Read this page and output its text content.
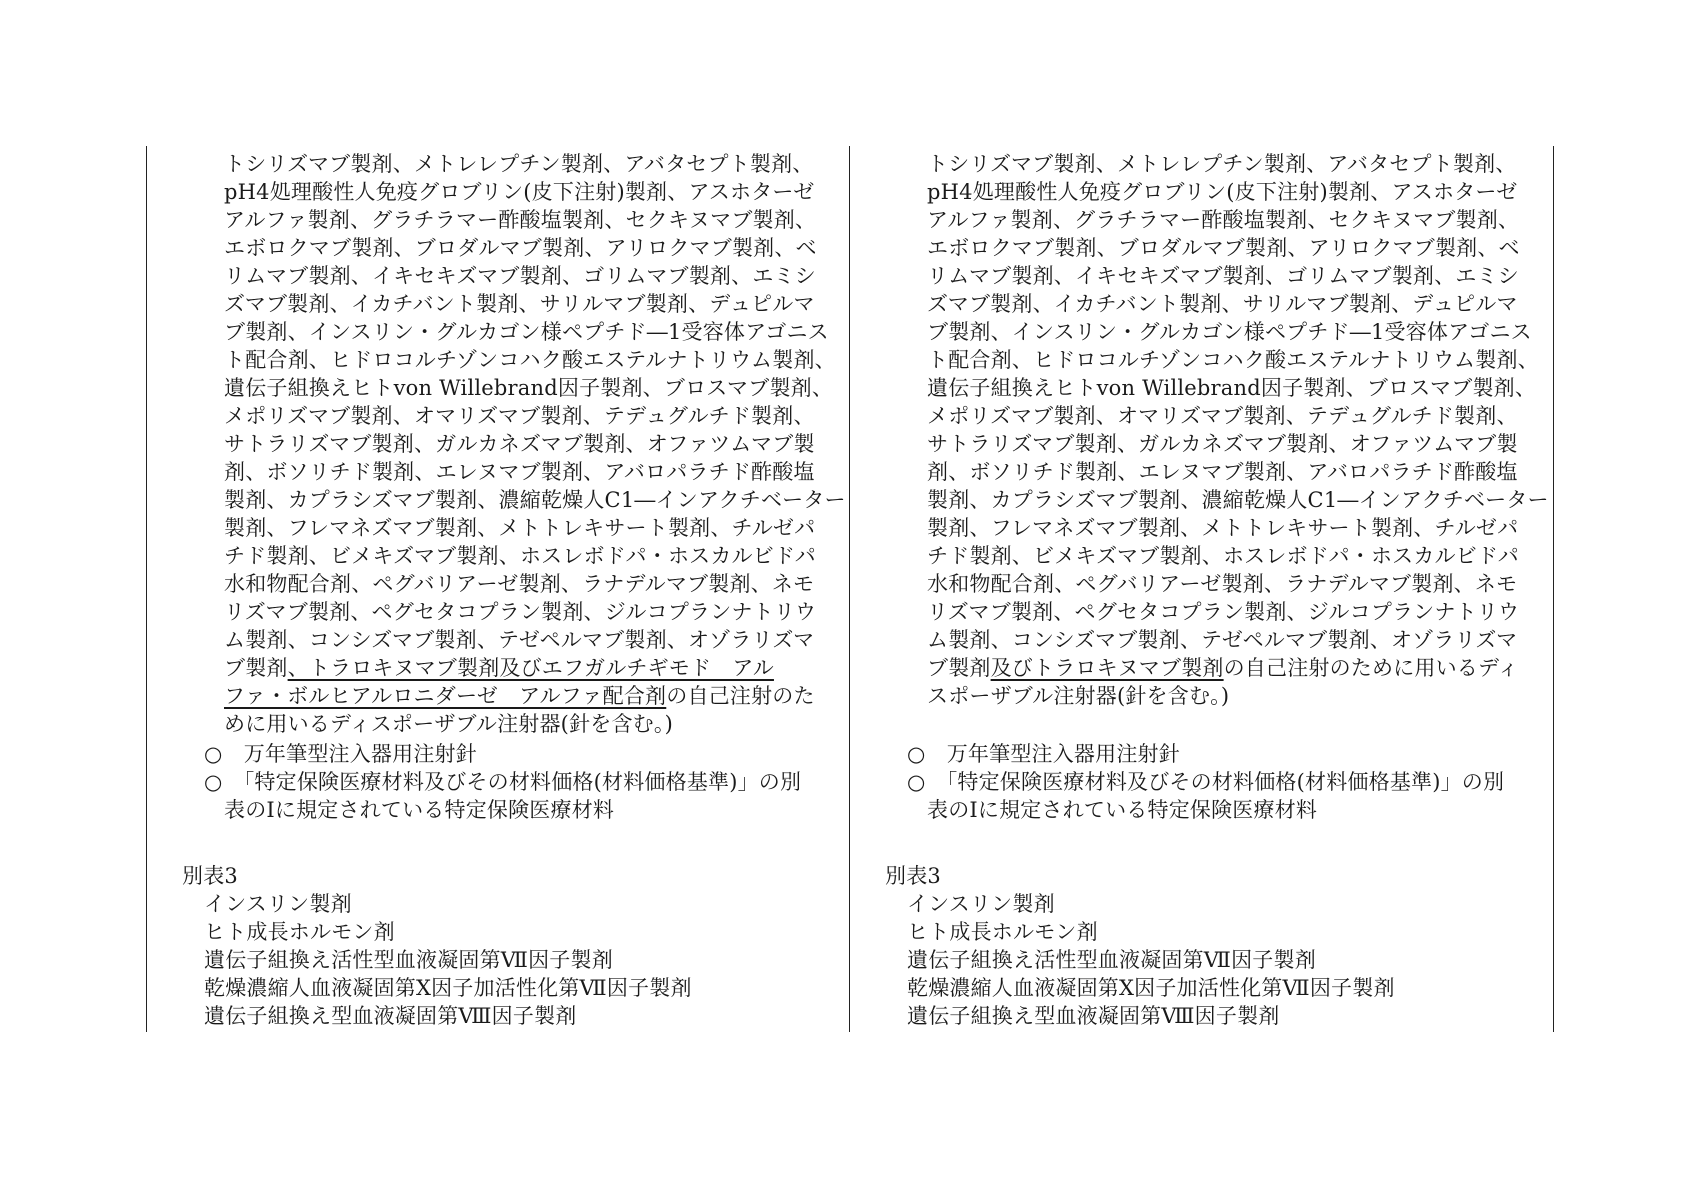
トシリズマブ製剤、メトレレプチン製剤、アバタセプト製剤、
pH4処理酸性人免疫グロブリン(皮下注射)製剤、アスホターゼ
アルファ製剤、グラチラマー酢酸塩製剤、セクキヌマブ製剤、
エボロクマブ製剤、ブロダルマブ製剤、アリロクマブ製剤、ベ
リムマブ製剤、イキセキズマブ製剤、ゴリムマブ製剤、エミシ
ズマブ製剤、イカチバント製剤、サリルマブ製剤、デュピルマ
ブ製剤、インスリン・グルカゴン様ペプチド―1受容体アゴニス
ト配合剤、ヒドロコルチゾンコハク酸エステルナトリウム製剤、
遺伝子組換えヒトvon Willebrand因子製剤、ブロスマブ製剤、
メポリズマブ製剤、オマリズマブ製剤、テデュグルチド製剤、
サトラリズマブ製剤、ガルカネズマブ製剤、オファツムマブ製
剤、ボソリチド製剤、エレヌマブ製剤、アバロパラチド酢酸塩
製剤、カプラシズマブ製剤、濃縮乾燥人C1―インアクチベーター
製剤、フレマネズマブ製剤、メトトレキサート製剤、チルゼパ
チド製剤、ビメキズマブ製剤、ホスレボドパ・ホスカルビドパ
水和物配合剤、ペグバリアーゼ製剤、ラナデルマブ製剤、ネモ
リズマブ製剤、ペグセタコプラン製剤、ジルコプランナトリウ
ム製剤、コンシズマブ製剤、テゼペルマブ製剤、オゾラリズマ
ブ製剤、トラロキヌマブ製剤及びエフガルチギモド　アル
ファ・ボルヒアルロニダーゼ　アルファ配合剤の自己注射のた
めに用いるディスポーザブル注射器(針を含む。)
○　万年筆型注入器用注射針
○　「特定保険医療材料及びその材料価格(材料価格基準)」の別
表のⅠに規定されている特定保険医療材料
別表3
インスリン製剤
ヒト成長ホルモン剤
遺伝子組換え活性型血液凝固第Ⅶ因子製剤
乾燥濃縮人血液凝固第Ⅹ因子加活性化第Ⅶ因子製剤
遺伝子組換え型血液凝固第Ⅷ因子製剤
トシリズマブ製剤、メトレレプチン製剤、アバタセプト製剤、
pH4処理酸性人免疫グロブリン(皮下注射)製剤、アスホターゼ
アルファ製剤、グラチラマー酢酸塩製剤、セクキヌマブ製剤、
エボロクマブ製剤、ブロダルマブ製剤、アリロクマブ製剤、ベ
リムマブ製剤、イキセキズマブ製剤、ゴリムマブ製剤、エミシ
ズマブ製剤、イカチバント製剤、サリルマブ製剤、デュピルマ
ブ製剤、インスリン・グルカゴン様ペプチド―1受容体アゴニス
ト配合剤、ヒドロコルチゾンコハク酸エステルナトリウム製剤、
遺伝子組換えヒトvon Willebrand因子製剤、ブロスマブ製剤、
メポリズマブ製剤、オマリズマブ製剤、テデュグルチド製剤、
サトラリズマブ製剤、ガルカネズマブ製剤、オファツムマブ製
剤、ボソリチド製剤、エレヌマブ製剤、アバロパラチド酢酸塩
製剤、カプラシズマブ製剤、濃縮乾燥人C1―インアクチベーター
製剤、フレマネズマブ製剤、メトトレキサート製剤、チルゼパ
チド製剤、ビメキズマブ製剤、ホスレボドパ・ホスカルビドパ
水和物配合剤、ペグバリアーゼ製剤、ラナデルマブ製剤、ネモ
リズマブ製剤、ペグセタコプラン製剤、ジルコプランナトリウ
ム製剤、コンシズマブ製剤、テゼペルマブ製剤、オゾラリズマ
ブ製剤及びトラロキヌマブ製剤の自己注射のために用いるディ
スポーザブル注射器(針を含む。)
○　万年筆型注入器用注射針
○　「特定保険医療材料及びその材料価格(材料価格基準)」の別
表のⅠに規定されている特定保険医療材料
別表3
インスリン製剤
ヒト成長ホルモン剤
遺伝子組換え活性型血液凝固第Ⅶ因子製剤
乾燥濃縮人血液凝固第Ⅹ因子加活性化第Ⅶ因子製剤
遺伝子組換え型血液凝固第Ⅷ因子製剤
